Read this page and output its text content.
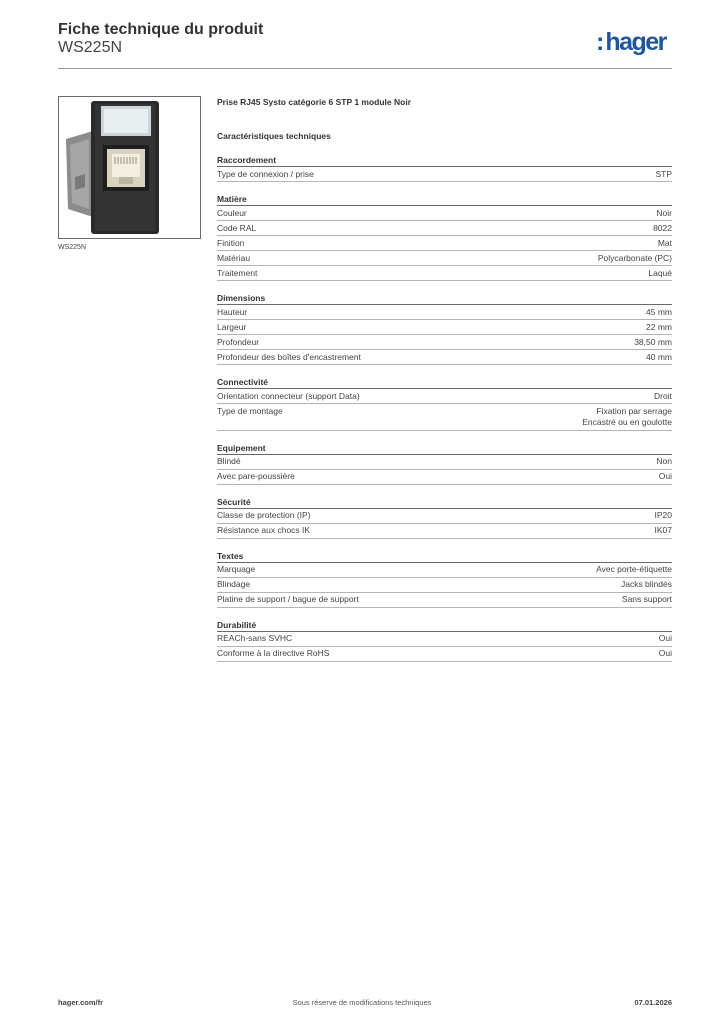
Fiche technique du produit
WS225N	:hager
WS225N
Prise RJ45 Systo catégorie 6 STP 1 module Noir
Caractéristiques techniques
Raccordement
Type de connexion / prise	STP
Matière
Couleur	Noir
Code RAL	8022
Finition	Mat
Matériau	Polycarbonate (PC)
Traitement	Laqué
Dimensions
Hauteur	45 mm
Largeur	22 mm
Profondeur	38,50 mm
Profondeur des boîtes d'encastrement	40 mm
Connectivité
Orientation connecteur (support Data)	Droit
Type de montage	Fixation par serrage
Encastré ou en goulotte
Equipement
Blindé	Non
Avec pare-poussière	Oui
Sécurité
Classe de protection (IP)	IP20
Résistance aux chocs IK	IK07
Textes
Marquage	Avec porte-étiquette
Blindage	Jacks blindés
Platine de support / bague de support	Sans support
Durabilité
REACh-sans SVHC	Oui
Conforme à la directive RoHS	Oui
hager.com/fr	Sous réserve de modifications techniques	07.01.2026
